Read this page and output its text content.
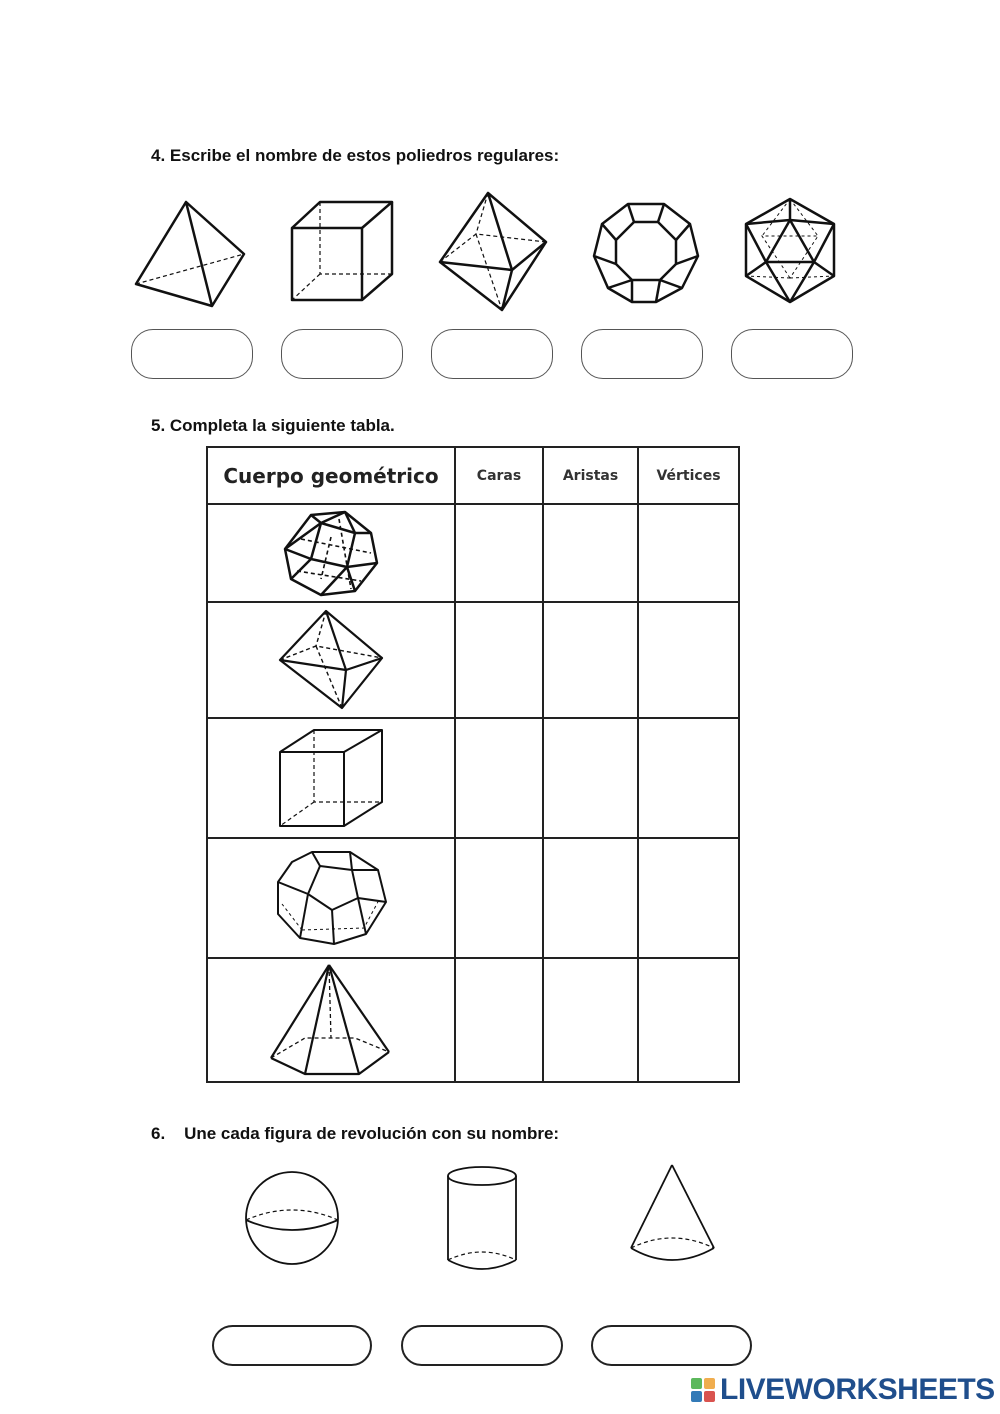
4. Escribe el nombre de estos poliedros regulares:
5. Completa la siguiente tabla.
Cuerpo geométrico	Caras	Aristas	Vértices

6.    Une cada figura de revolución con su nombre:
LIVEWORKSHEETS
